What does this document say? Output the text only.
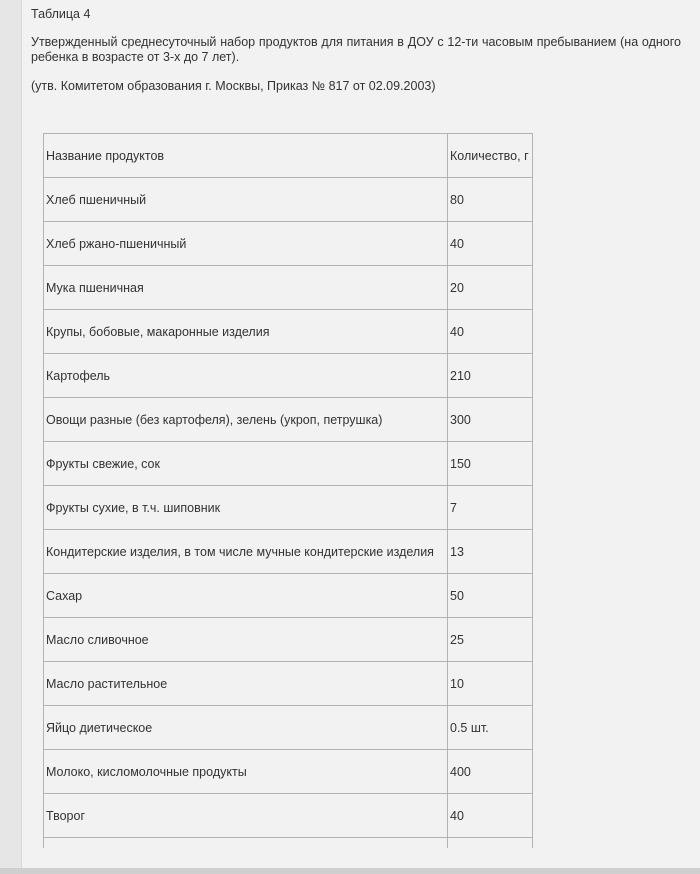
Таблица 4

Утвержденный среднесуточный набор продуктов для питания в ДОУ с 12-ти часовым пребыванием (на одного ребенка в возрасте от 3-х до 7 лет).

(утв. Комитетом образования г. Москвы, Приказ № 817 от 02.09.2003)

Название продуктов	Количество, г
Хлеб пшеничный	80
Хлеб ржано-пшеничный	40
Мука пшеничная	20
Крупы, бобовые, макаронные изделия	40
Картофель	210
Овощи разные (без картофеля), зелень (укроп, петрушка)	300
Фрукты свежие, сок	150
Фрукты сухие, в т.ч. шиповник	7
Кондитерские изделия, в том числе мучные кондитерские изделия	13
Сахар	50
Масло сливочное	25
Масло растительное	10
Яйцо диетическое	0.5 шт.
Молоко, кисломолочные продукты	400
Творог	40
